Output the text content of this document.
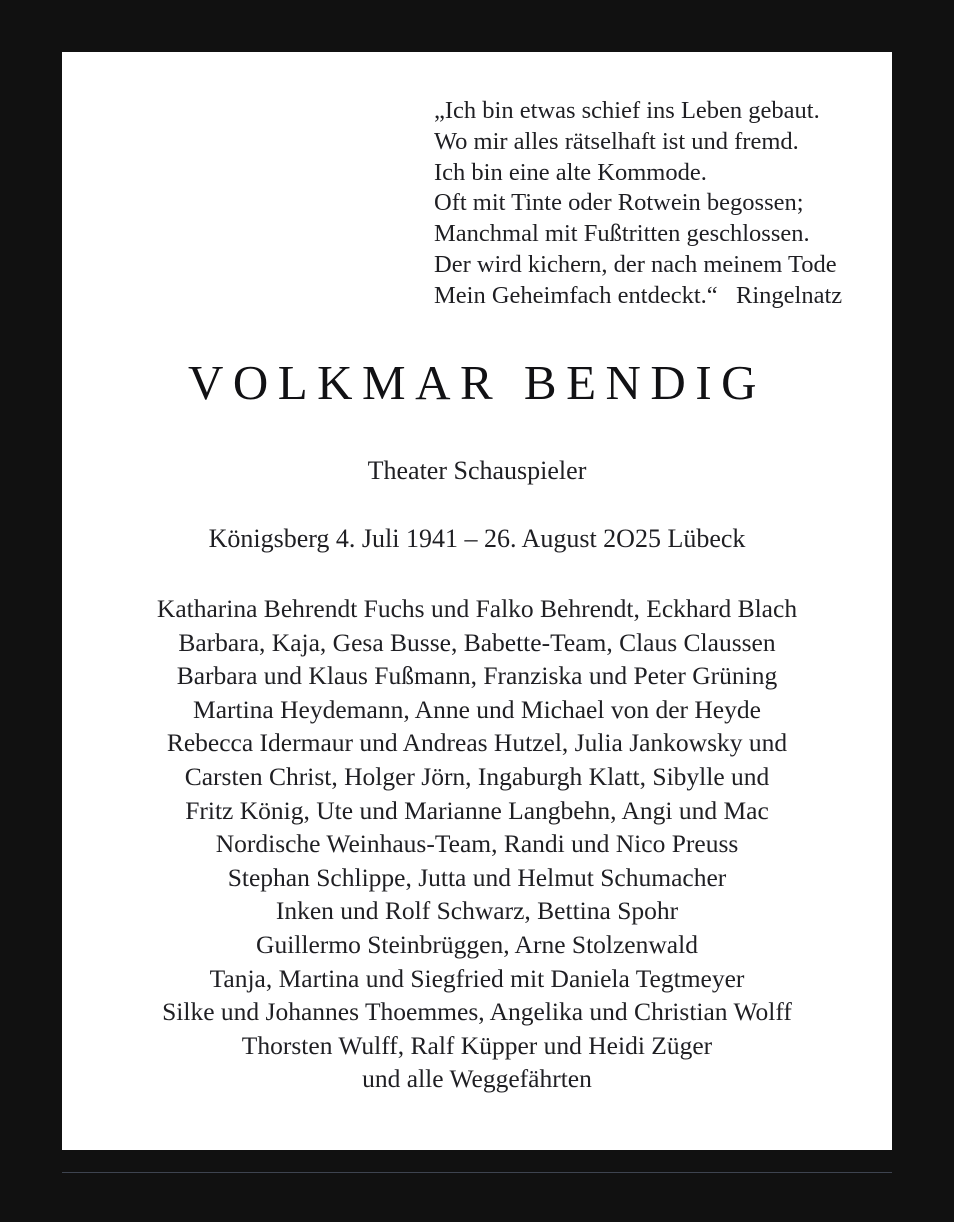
„Ich bin etwas schief ins Leben gebaut.
Wo mir alles rätselhaft ist und fremd.
Ich bin eine alte Kommode.
Oft mit Tinte oder Rotwein begossen;
Manchmal mit Fußtritten geschlossen.
Der wird kichern, der nach meinem Tode
Mein Geheimfach entdeckt.“   Ringelnatz
VOLKMAR BENDIG
Theater Schauspieler
Königsberg 4. Juli 1941 – 26. August 2O25 Lübeck
Katharina Behrendt Fuchs und Falko Behrendt, Eckhard Blach
Barbara, Kaja, Gesa Busse, Babette-Team, Claus Claussen
Barbara und Klaus Fußmann, Franziska und Peter Grüning
Martina Heydemann, Anne und Michael von der Heyde
Rebecca Idermaur und Andreas Hutzel, Julia Jankowsky und
Carsten Christ, Holger Jörn, Ingaburgh Klatt, Sibylle und
Fritz König, Ute und Marianne Langbehn, Angi und Mac
Nordische Weinhaus-Team, Randi und Nico Preuss
Stephan Schlippe, Jutta und Helmut Schumacher
Inken und Rolf Schwarz, Bettina Spohr
Guillermo Steinbrüggen, Arne Stolzenwald
Tanja, Martina und Siegfried mit Daniela Tegtmeyer
Silke und Johannes Thoemmes, Angelika und Christian Wolff
Thorsten Wulff, Ralf Küpper und Heidi Züger
und alle Weggefährten
